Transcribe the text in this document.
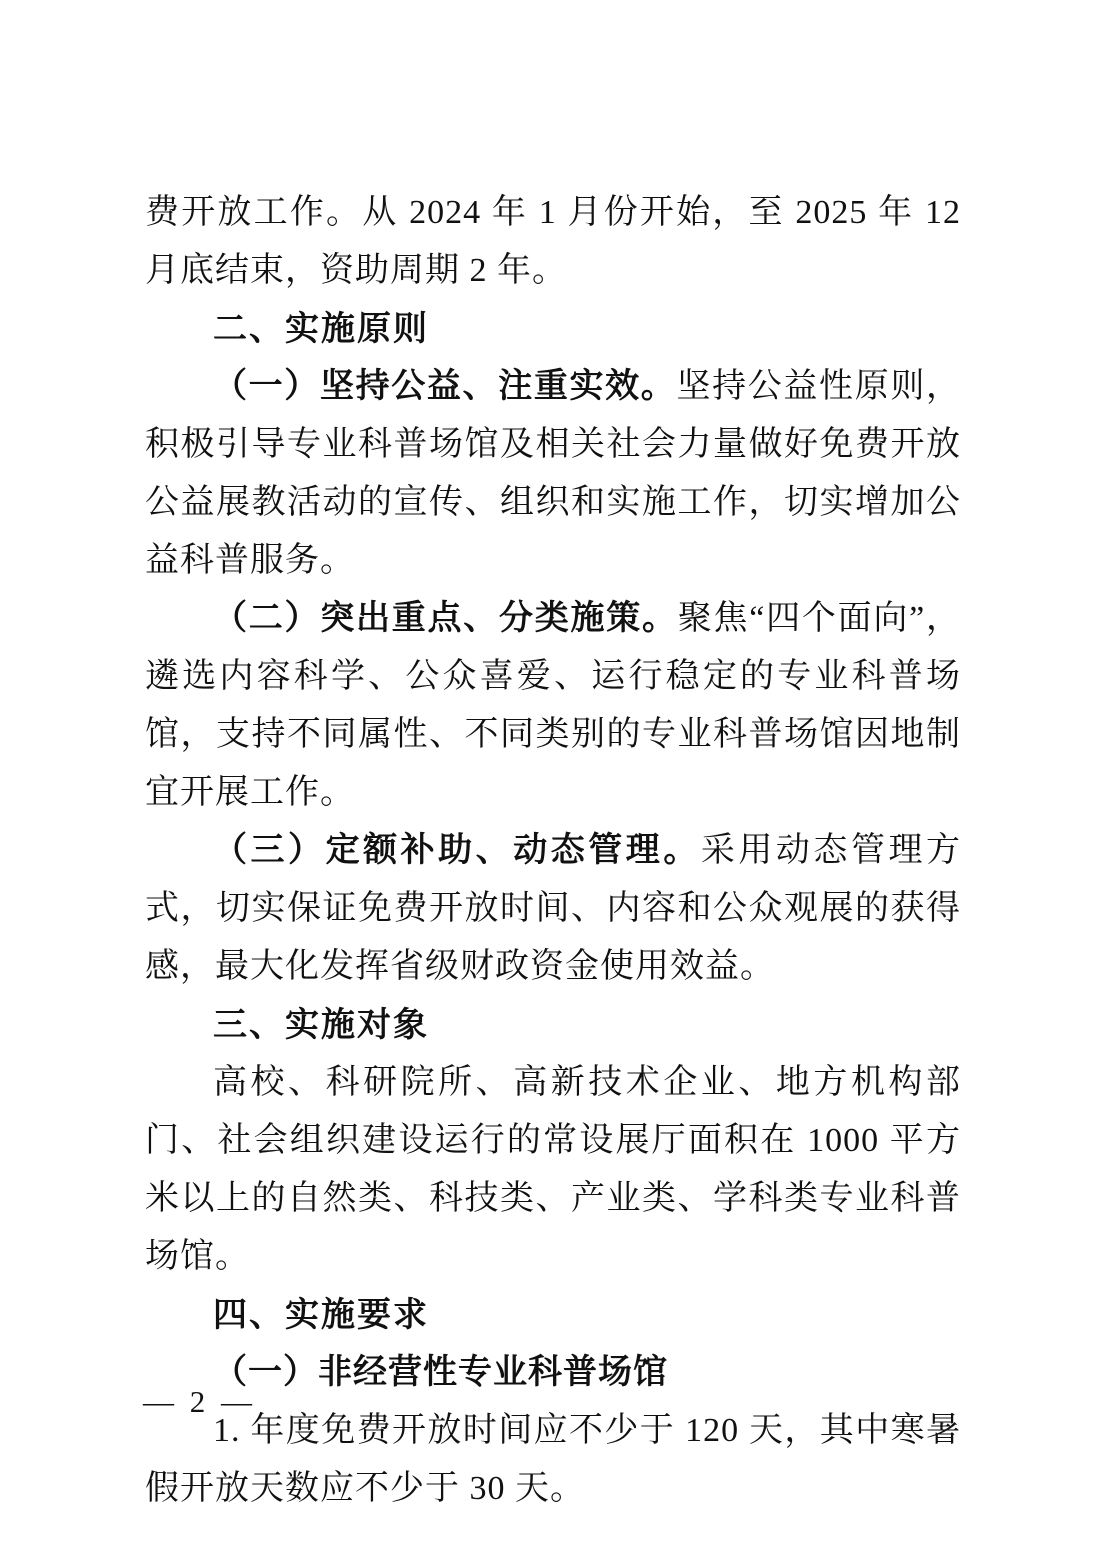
费开放工作。从 2024 年 1 月份开始，至 2025 年 12 月底结束，资助周期 2 年。

二、实施原则

（一）坚持公益、注重实效。坚持公益性原则，积极引导专业科普场馆及相关社会力量做好免费开放公益展教活动的宣传、组织和实施工作，切实增加公益科普服务。

（二）突出重点、分类施策。聚焦“四个面向”，遴选内容科学、公众喜爱、运行稳定的专业科普场馆，支持不同属性、不同类别的专业科普场馆因地制宜开展工作。

（三）定额补助、动态管理。采用动态管理方式，切实保证免费开放时间、内容和公众观展的获得感，最大化发挥省级财政资金使用效益。

三、实施对象

高校、科研院所、高新技术企业、地方机构部门、社会组织建设运行的常设展厅面积在 1000 平方米以上的自然类、科技类、产业类、学科类专业科普场馆。

四、实施要求

（一）非经营性专业科普场馆

1. 年度免费开放时间应不少于 120 天，其中寒暑假开放天数应不少于 30 天。

— 2 —
